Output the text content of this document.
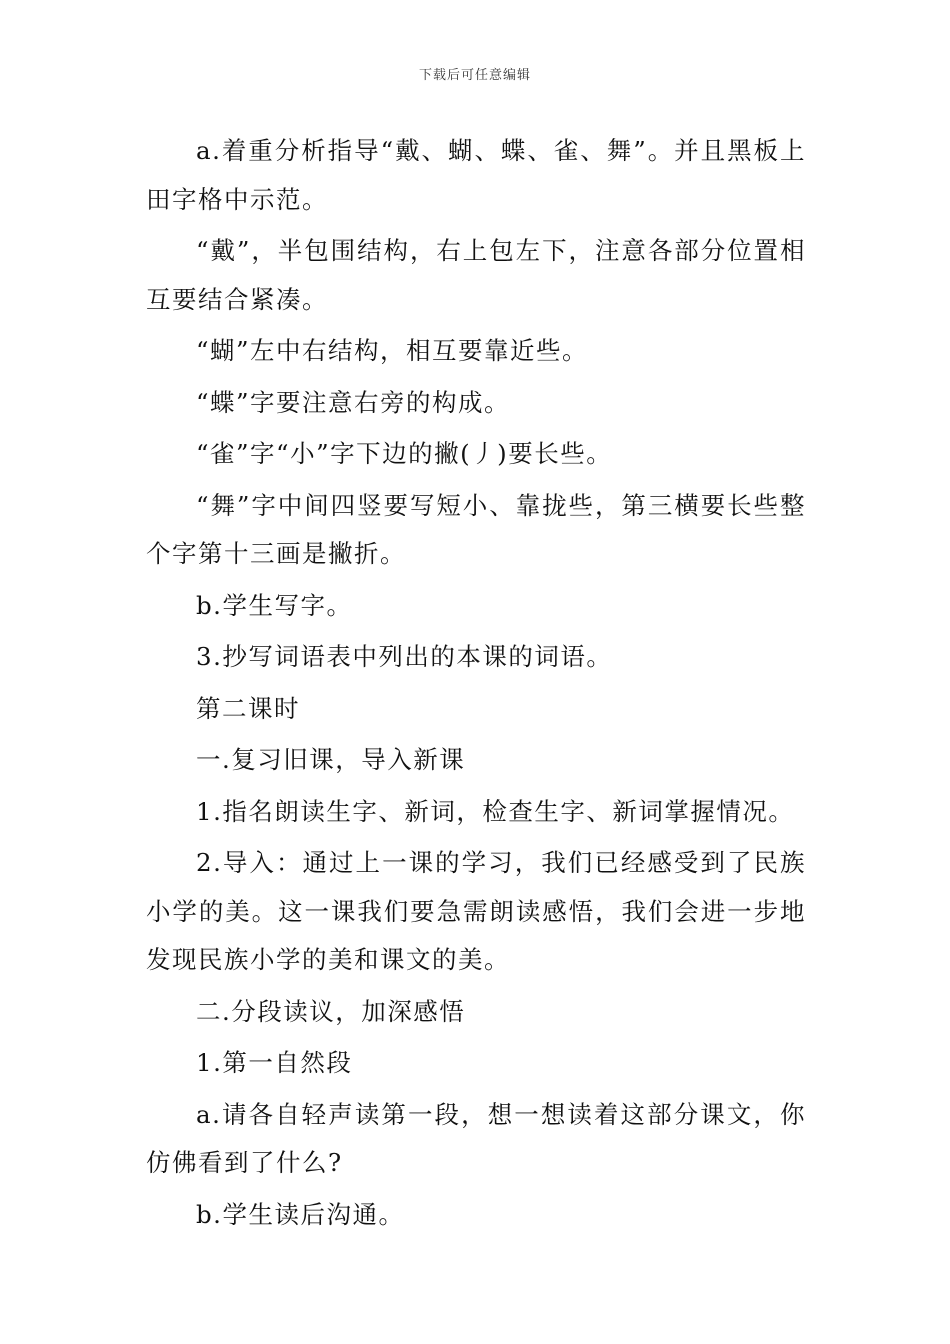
下载后可任意编辑

a.着重分析指导“戴、蝴、蝶、雀、舞”。并且黑板上田字格中示范。

“戴”，半包围结构，右上包左下，注意各部分位置相互要结合紧凑。

“蝴”左中右结构，相互要靠近些。

“蝶”字要注意右旁的构成。

“雀”字“小”字下边的撇(丿)要长些。

“舞”字中间四竖要写短小、靠拢些，第三横要长些整个字第十三画是撇折。

b.学生写字。

3.抄写词语表中列出的本课的词语。

第二课时

一.复习旧课，导入新课

1.指名朗读生字、新词，检查生字、新词掌握情况。

2.导入：通过上一课的学习，我们已经感受到了民族小学的美。这一课我们要急需朗读感悟，我们会进一步地发现民族小学的美和课文的美。

二.分段读议，加深感悟

1.第一自然段

a.请各自轻声读第一段，想一想读着这部分课文，你仿佛看到了什么?

b.学生读后沟通。
